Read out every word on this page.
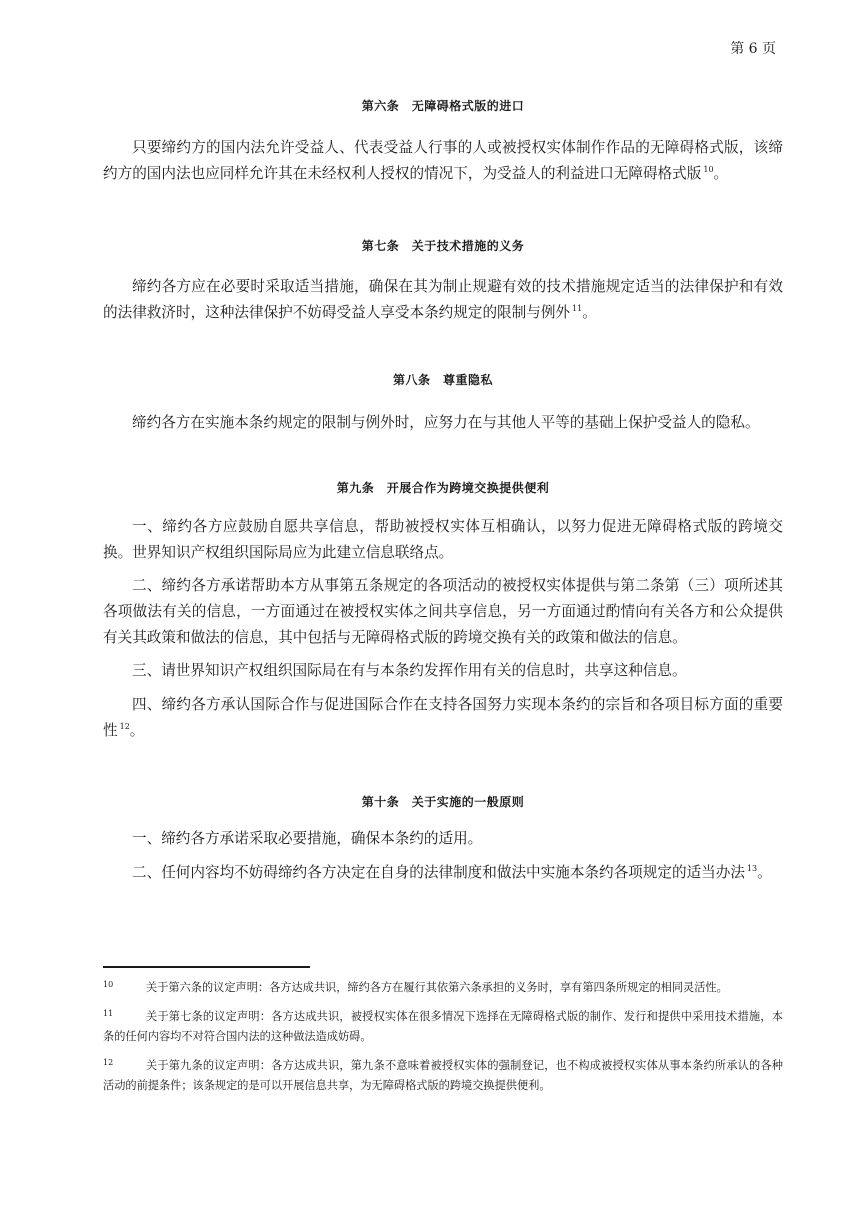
第 6 页
第六条　无障碍格式版的进口

只要缔约方的国内法允许受益人、代表受益人行事的人或被授权实体制作作品的无障碍格式版，该缔约方的国内法也应同样允许其在未经权利人授权的情况下，为受益人的利益进口无障碍格式版 $^{10}$。

第七条　关于技术措施的义务

缔约各方应在必要时采取适当措施，确保在其为制止规避有效的技术措施规定适当的法律保护和有效的法律救济时，这种法律保护不妨碍受益人享受本条约规定的限制与例外 $^{11}$。

第八条　尊重隐私

缔约各方在实施本条约规定的限制与例外时，应努力在与其他人平等的基础上保护受益人的隐私。

第九条　开展合作为跨境交换提供便利

一、缔约各方应鼓励自愿共享信息，帮助被授权实体互相确认，以努力促进无障碍格式版的跨境交换。世界知识产权组织国际局应为此建立信息联络点。

二、缔约各方承诺帮助本方从事第五条规定的各项活动的被授权实体提供与第二条第（三）项所述其各项做法有关的信息，一方面通过在被授权实体之间共享信息，另一方面通过酌情向有关各方和公众提供有关其政策和做法的信息，其中包括与无障碍格式版的跨境交换有关的政策和做法的信息。

三、请世界知识产权组织国际局在有与本条约发挥作用有关的信息时，共享这种信息。

四、缔约各方承认国际合作与促进国际合作在支持各国努力实现本条约的宗旨和各项目标方面的重要性 $^{12}$。

第十条　关于实施的一般原则

一、缔约各方承诺采取必要措施，确保本条约的适用。

二、任何内容均不妨碍缔约各方决定在自身的法律制度和做法中实施本条约各项规定的适当办法 $^{13}$。

10	关于第六条的议定声明：各方达成共识，缔约各方在履行其依第六条承担的义务时，享有第四条所规定的相同灵活性。

11	关于第七条的议定声明：各方达成共识，被授权实体在很多情况下选择在无障碍格式版的制作、发行和提供中采用技术措施，本条的任何内容均不对符合国内法的这种做法造成妨碍。

12	关于第九条的议定声明：各方达成共识，第九条不意味着被授权实体的强制登记，也不构成被授权实体从事本条约所承认的各种活动的前提条件；该条规定的是可以开展信息共享，为无障碍格式版的跨境交换提供便利。
